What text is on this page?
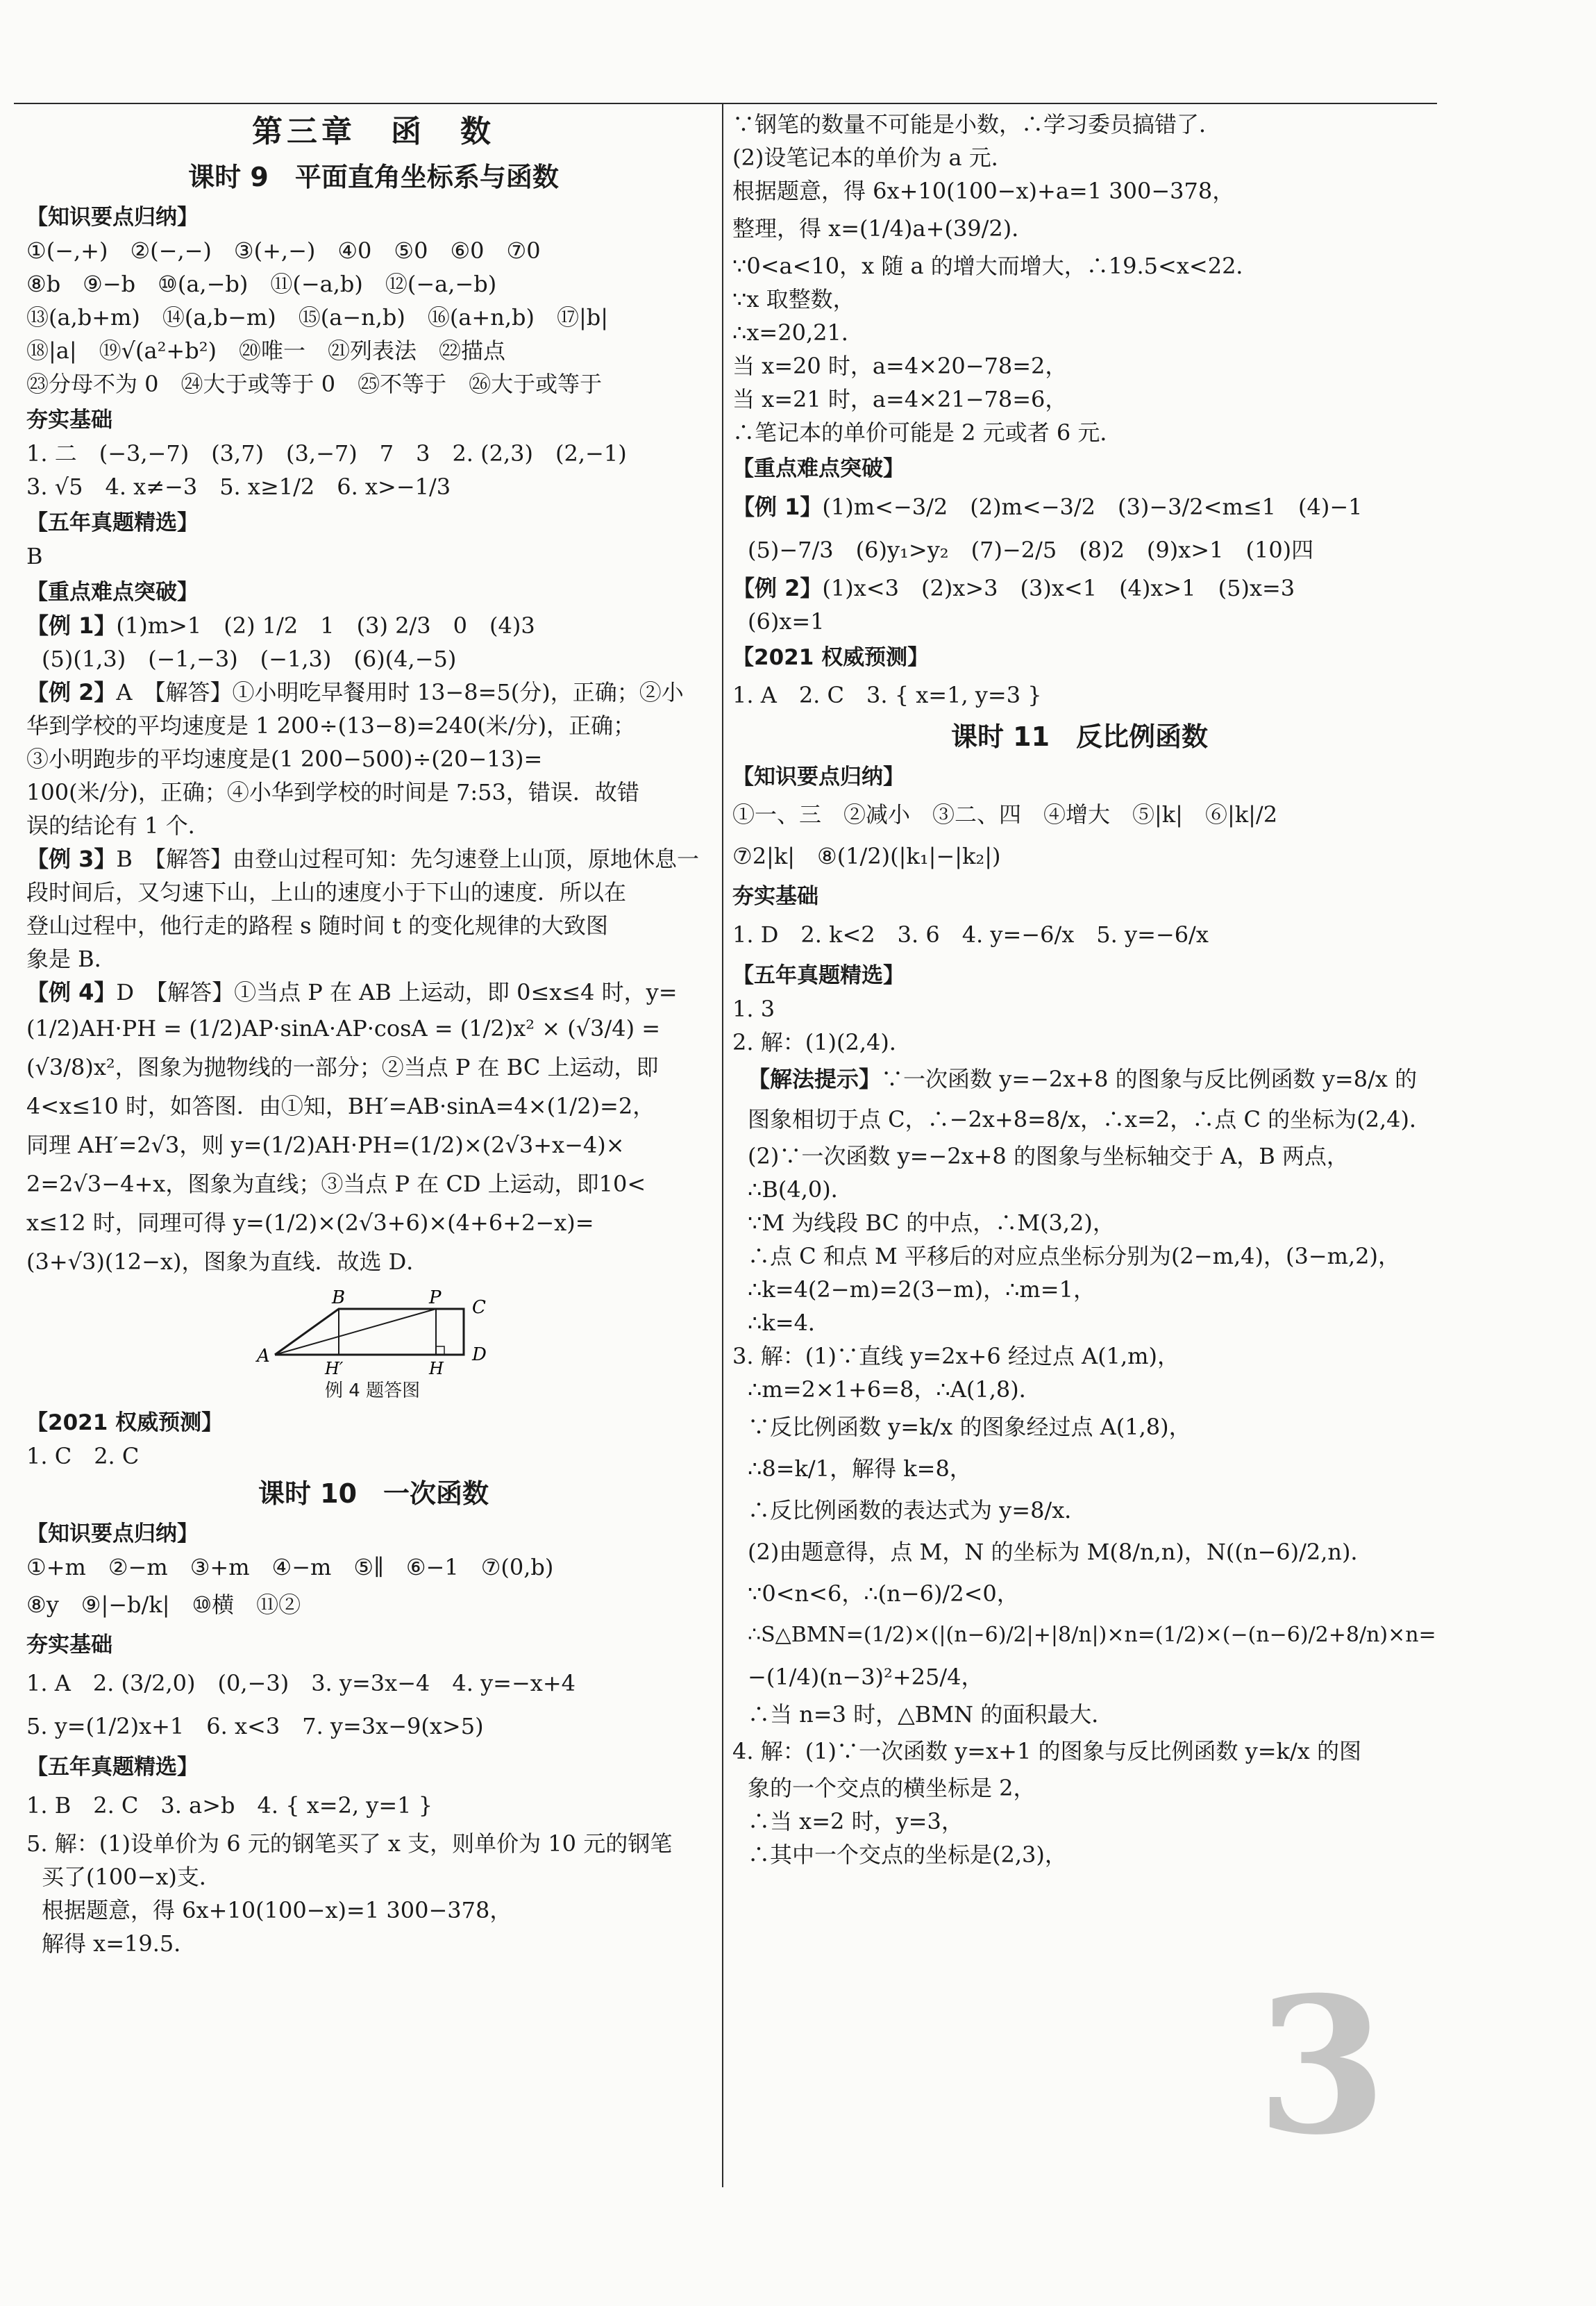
第三章　函　数
课时 9　平面直角坐标系与函数
【知识要点归纳】
①(−,+)　②(−,−)　③(+,−)　④0　⑤0　⑥0　⑦0
⑧b　⑨−b　⑩(a,−b)　⑪(−a,b)　⑫(−a,−b)
⑬(a,b+m)　⑭(a,b−m)　⑮(a−n,b)　⑯(a+n,b)　⑰|b|
⑱|a|　⑲√(a²+b²)　⑳唯一　㉑列表法　㉒描点
㉓分母不为 0　㉔大于或等于 0　㉕不等于　㉖大于或等于
夯实基础
1. 二　(−3,−7)　(3,7)　(3,−7)　7　3　2. (2,3)　(2,−1)
3. √5　4. x≠−3　5. x≥1/2　6. x>−1/3
【五年真题精选】
B
【重点难点突破】
【例 1】(1)m>1　(2) 1/2　1　(3) 2/3　0　(4)3
(5)(1,3)　(−1,−3)　(−1,3)　(6)(4,−5)
【例 2】A　【解答】①小明吃早餐用时 13−8=5(分)，正确；②小
华到学校的平均速度是 1 200÷(13−8)=240(米/分)，正确；
③小明跑步的平均速度是(1 200−500)÷(20−13)=
100(米/分)，正确；④小华到学校的时间是 7:53，错误．故错
误的结论有 1 个．
【例 3】B　【解答】由登山过程可知：先匀速登上山顶，原地休息一
段时间后，又匀速下山，上山的速度小于下山的速度．所以在
登山过程中，他行走的路程 s 随时间 t 的变化规律的大致图
象是 B．
【例 4】D　【解答】①当点 P 在 AB 上运动，即 0≤x≤4 时，y=
(1/2)AH·PH = (1/2)AP·sinA·AP·cosA = (1/2)x² × (√3/4) =
(√3/8)x²，图象为抛物线的一部分；②当点 P 在 BC 上运动，即
4<x≤10 时，如答图．由①知，BH′=AB·sinA=4×(1/2)=2，
同理 AH′=2√3，则 y=(1/2)AH·PH=(1/2)×(2√3+x−4)×
2=2√3−4+x，图象为直线；③当点 P 在 CD 上运动，即10<
x≤12 时，同理可得 y=(1/2)×(2√3+6)×(4+6+2−x)=
(3+√3)(12−x)，图象为直线．故选 D．
A
B	P C
H′	H
D
例 4 题答图
【2021 权威预测】
1. C　2. C
课时 10　一次函数
【知识要点归纳】
①+m　②−m　③+m　④−m　⑤∥　⑥−1　⑦(0,b)
⑧y　⑨|−b/k|　⑩横　⑪②
夯实基础
1. A　2. (3/2,0)　(0,−3)　3. y=3x−4　4. y=−x+4
5. y=(1/2)x+1　6. x<3　7. y=3x−9(x>5)
【五年真题精选】
1. B　2. C　3. a>b　4. { x=2, y=1 }
5. 解：(1)设单价为 6 元的钢笔买了 x 支，则单价为 10 元的钢笔
买了(100−x)支．
根据题意，得 6x+10(100−x)=1 300−378，
解得 x=19.5．
∵钢笔的数量不可能是小数，∴学习委员搞错了．
(2)设笔记本的单价为 a 元．
根据题意，得 6x+10(100−x)+a=1 300−378，
整理，得 x=(1/4)a+(39/2)．
∵0<a<10，x 随 a 的增大而增大，∴19.5<x<22．
∵x 取整数，
∴x=20,21．
当 x=20 时，a=4×20−78=2，
当 x=21 时，a=4×21−78=6，
∴笔记本的单价可能是 2 元或者 6 元．
【重点难点突破】
【例 1】(1)m<−3/2　(2)m<−3/2　(3)−3/2<m≤1　(4)−1
(5)−7/3　(6)y₁>y₂　(7)−2/5　(8)2　(9)x>1　(10)四
【例 2】(1)x<3　(2)x>3　(3)x<1　(4)x>1　(5)x=3
(6)x=1
【2021 权威预测】
1. A　2. C　3. { x=1, y=3 }
课时 11　反比例函数
【知识要点归纳】
①一、三　②减小　③二、四　④增大　⑤|k|　⑥|k|/2
⑦2|k|　⑧(1/2)(|k₁|−|k₂|)
夯实基础
1. D　2. k<2　3. 6　4. y=−6/x　5. y=−6/x
【五年真题精选】
1. 3
2. 解：(1)(2,4)．
【解法提示】∵一次函数 y=−2x+8 的图象与反比例函数 y=8/x 的
图象相切于点 C，∴−2x+8=8/x，∴x=2，∴点 C 的坐标为(2,4)．
(2)∵一次函数 y=−2x+8 的图象与坐标轴交于 A，B 两点，
∴B(4,0)．
∵M 为线段 BC 的中点，∴M(3,2)，
∴点 C 和点 M 平移后的对应点坐标分别为(2−m,4)，(3−m,2)，
∴k=4(2−m)=2(3−m)，∴m=1，
∴k=4．
3. 解：(1)∵直线 y=2x+6 经过点 A(1,m)，
∴m=2×1+6=8，∴A(1,8)．
∵反比例函数 y=k/x 的图象经过点 A(1,8)，
∴8=k/1，解得 k=8，
∴反比例函数的表达式为 y=8/x．
(2)由题意得，点 M，N 的坐标为 M(8/n,n)，N((n−6)/2,n)．
∵0<n<6，∴(n−6)/2<0，
∴S△BMN=(1/2)×(|(n−6)/2|+|8/n|)×n=(1/2)×(−(n−6)/2+8/n)×n=
−(1/4)(n−3)²+25/4，
∴当 n=3 时，△BMN 的面积最大．
4. 解：(1)∵一次函数 y=x+1 的图象与反比例函数 y=k/x 的图
象的一个交点的横坐标是 2，
∴当 x=2 时，y=3，
∴其中一个交点的坐标是(2,3)，
3
